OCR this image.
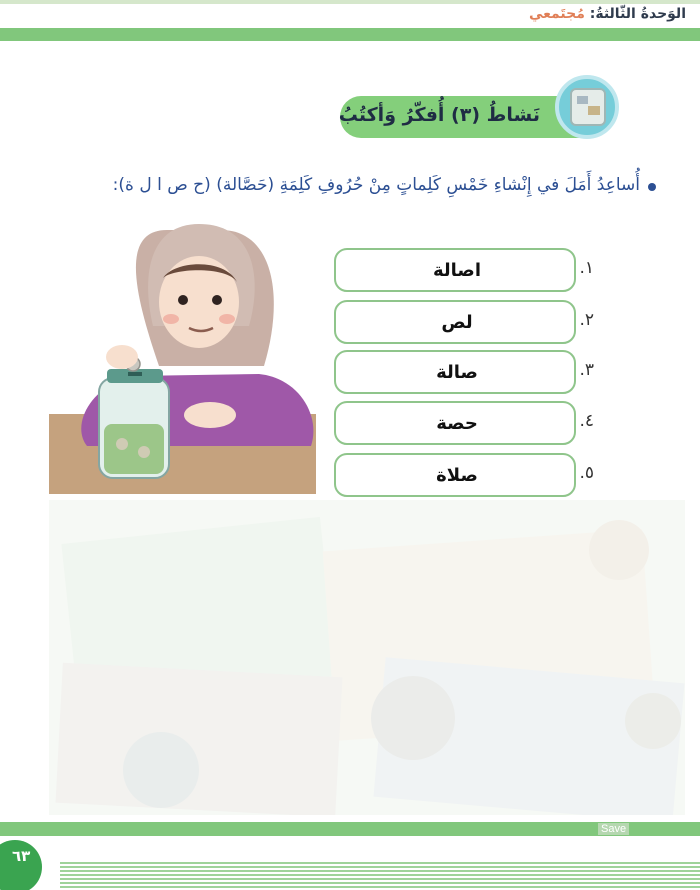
الوَحدةُ الثّالثةُ: مُجتَمعي
نَشاطُ (٣) أُفكّرُ وَأكتُبُ
أُساعِدُ أَمَلَ في إِنْشاءِ خَمْسِ كَلِماتٍ مِنْ حُرُوفِ كَلِمَةِ (حَصَّالة) (ح ص ا ل ة):
١.
اصالة
٢.
لص
٣.
صالة
٤.
حصة
٥.
صلاة
Save
٦٣
